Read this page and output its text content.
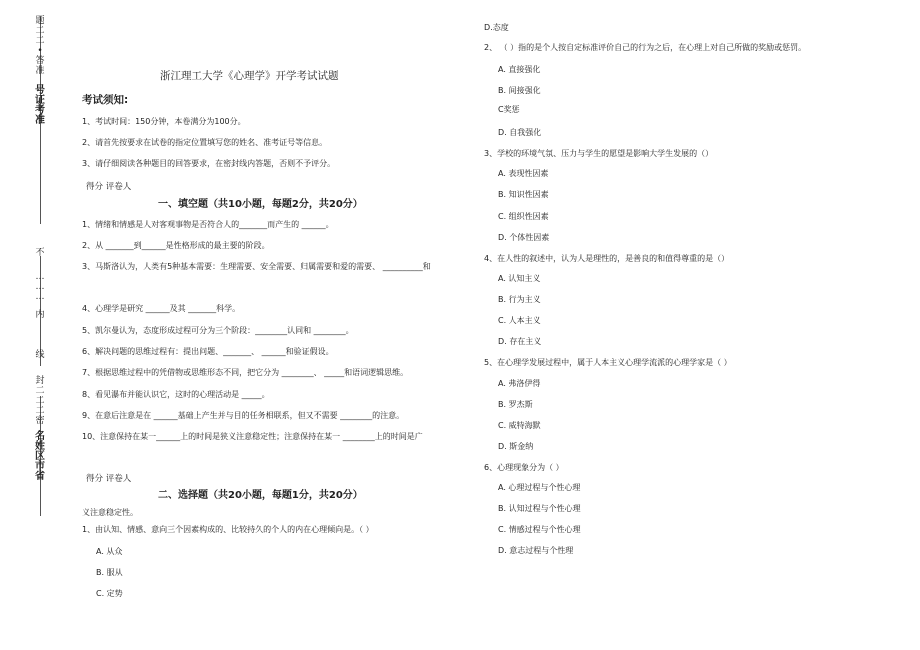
题
二
二
•
答
准
号
证
考
准
不
…
…
…
内
线
封
二
二
二
密
名
姓
区
市
省
浙江理工大学《心理学》开学考试试题
考试须知:
1、考试时间：150分钟，本卷满分为100分。
2、请首先按要求在试卷的指定位置填写您的姓名、准考证号等信息。
3、请仔细阅读各种题目的回答要求，在密封线内答题，否则不予评分。
得分 评卷人
一、填空题（共10小题，每题2分，共20分）
1、情绪和情感是人对客观事物是否符合人的_______而产生的 ______。
2、从 _______到______是性格形成的最主要的阶段。
3、马斯洛认为，人类有5种基本需要：生理需要、安全需要、归属需要和爱的需要、 __________和
4、心理学是研究 ______及其 _______科学。
5、凯尔曼认为，态度形成过程可分为三个阶段：________认同和 ________。
6、解决问题的思维过程有：提出问题、_______、 ______和验证假设。
7、根据思维过程中的凭借物或思维形态不同，把它分为 ________、 _____和语词逻辑思维。
8、看见瀑布并能认识它，这时的心理活动是 _____。
9、在意后注意是在 ______基础上产生并与目的任务相联系，但又不需要 ________的注意。
10、注意保持在某一______上的时间是狭义注意稳定性；注意保持在某一 ________上的时间是广
得分 评卷人
二、选择题（共20小题，每题1分，共20分）
义注意稳定性。
1、由认知、情感、意向三个因素构成的、比较持久的个人的内在心理倾向是。（ ）
A. 从众
B. 服从
C. 定势
D.态度
2、 （ ）指的是个人按自定标准评价自己的行为之后，在心理上对自己所做的奖励或惩罚。
A. 直接强化
B. 间接强化
C奖惩
D. 自我强化
3、学校的环境气氛、压力与学生的愿望是影响大学生发展的（）
A. 表现性因素
B. 知识性因素
C. 组织性因素
D. 个体性因素
4、在人性的叙述中，认为人是理性的，是善良的和值得尊重的是（）
A. 认知主义
B. 行为主义
C. 人本主义
D. 存在主义
5、在心理学发展过程中，属于人本主义心理学流派的心理学家是（ ）
A. 弗洛伊得
B. 罗杰斯
C. 威特海默
D. 斯金纳
6、心理现象分为（ ）
A. 心理过程与个性心理
B. 认知过程与个性心理
C. 情感过程与个性心理
D. 意志过程与个性理
